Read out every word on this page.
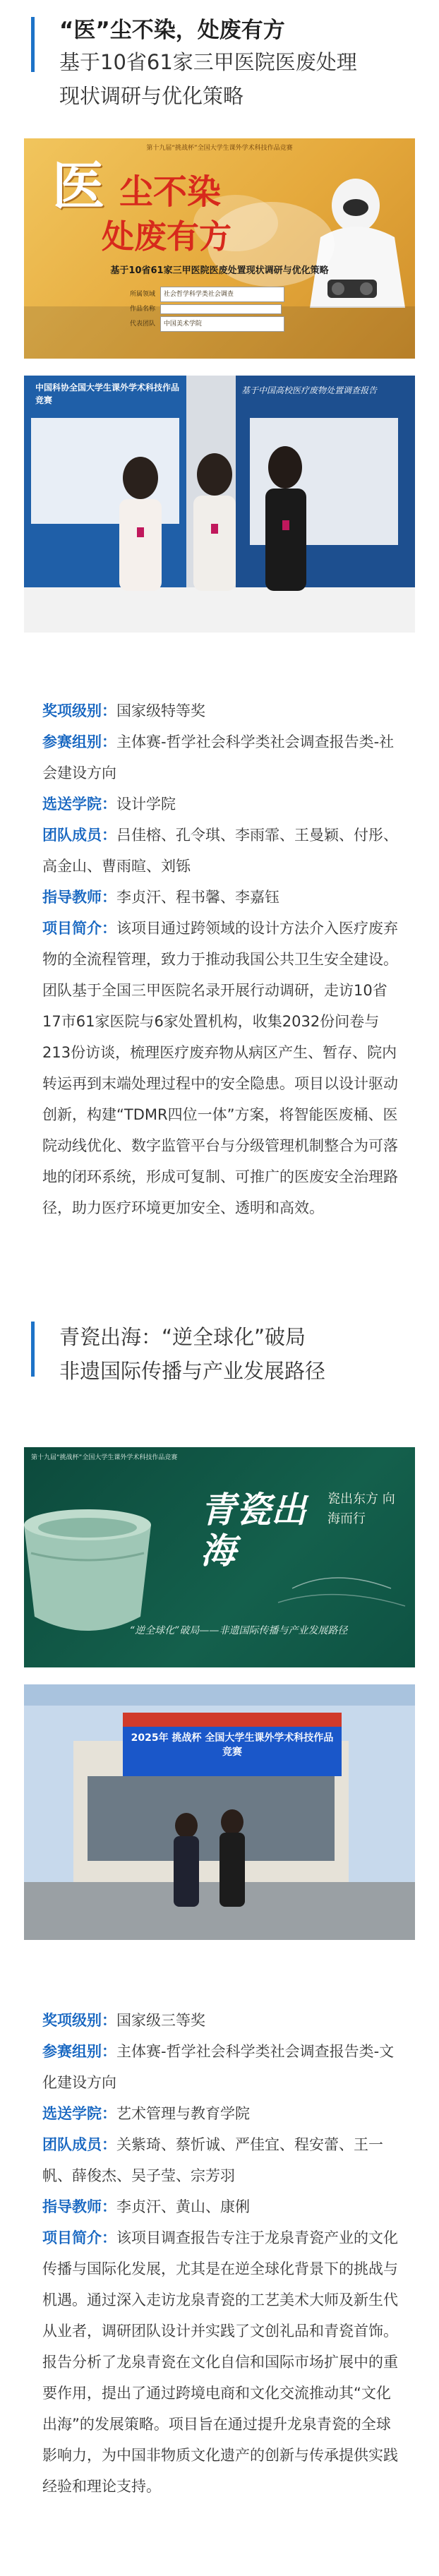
“医”尘不染，处废有方
基于10省61家三甲医院医废处理
现状调研与优化策略
第十九届“挑战杯”全国大学生课外学术科技作品竞赛
医 尘不染
处废有方
基于10省61家三甲医院医废处置现状调研与优化策略
所属领域 社会哲学科学类社会调查
作品名称
代表团队 中国美术学院
中国科协全国大学生课外学术科技作品竞赛
基于中国高校医疗废物处置调查报告

奖项级别：国家级特等奖

参赛组别：主体赛-哲学社会科学类社会调查报告类-社会建设方向

选送学院：设计学院

团队成员：吕佳榕、孔令琪、李雨霏、王曼颖、付彤、高金山、曹雨暄、刘铄

指导教师：李贞汗、程书馨、李嘉钰

项目简介：该项目通过跨领域的设计方法介入医疗废弃物的全流程管理，致力于推动我国公共卫生安全建设。团队基于全国三甲医院名录开展行动调研，走访10省17市61家医院与6家处置机构，收集2032份问卷与213份访谈，梳理医疗废弃物从病区产生、暂存、院内转运再到末端处理过程中的安全隐患。项目以设计驱动创新，构建“TDMR四位一体”方案，将智能医废桶、医院动线优化、数字监管平台与分级管理机制整合为可落地的闭环系统，形成可复制、可推广的医废安全治理路径，助力医疗环境更加安全、透明和高效。

青瓷出海：“逆全球化”破局
非遗国际传播与产业发展路径
第十九届“挑战杯”全国大学生课外学术科技作品竞赛
青瓷出海
瓷出东方 向海而行
“逆全球化”破局——非遗国际传播与产业发展路径
2025年 挑战杯 全国大学生课外学术科技作品竞赛

奖项级别：国家级三等奖

参赛组别：主体赛-哲学社会科学类社会调查报告类-文化建设方向

选送学院：艺术管理与教育学院

团队成员：关紫琦、蔡忻诚、严佳宜、程安蕾、王一帆、薛俊杰、吴子莹、宗芳羽

指导教师：李贞汗、黄山、康俐

项目简介：该项目调查报告专注于龙泉青瓷产业的文化传播与国际化发展，尤其是在逆全球化背景下的挑战与机遇。通过深入走访龙泉青瓷的工艺美术大师及新生代从业者，调研团队设计并实践了文创礼品和青瓷首饰。报告分析了龙泉青瓷在文化自信和国际市场扩展中的重要作用，提出了通过跨境电商和文化交流推动其“文化出海”的发展策略。项目旨在通过提升龙泉青瓷的全球影响力，为中国非物质文化遗产的创新与传承提供实践经验和理论支持。
